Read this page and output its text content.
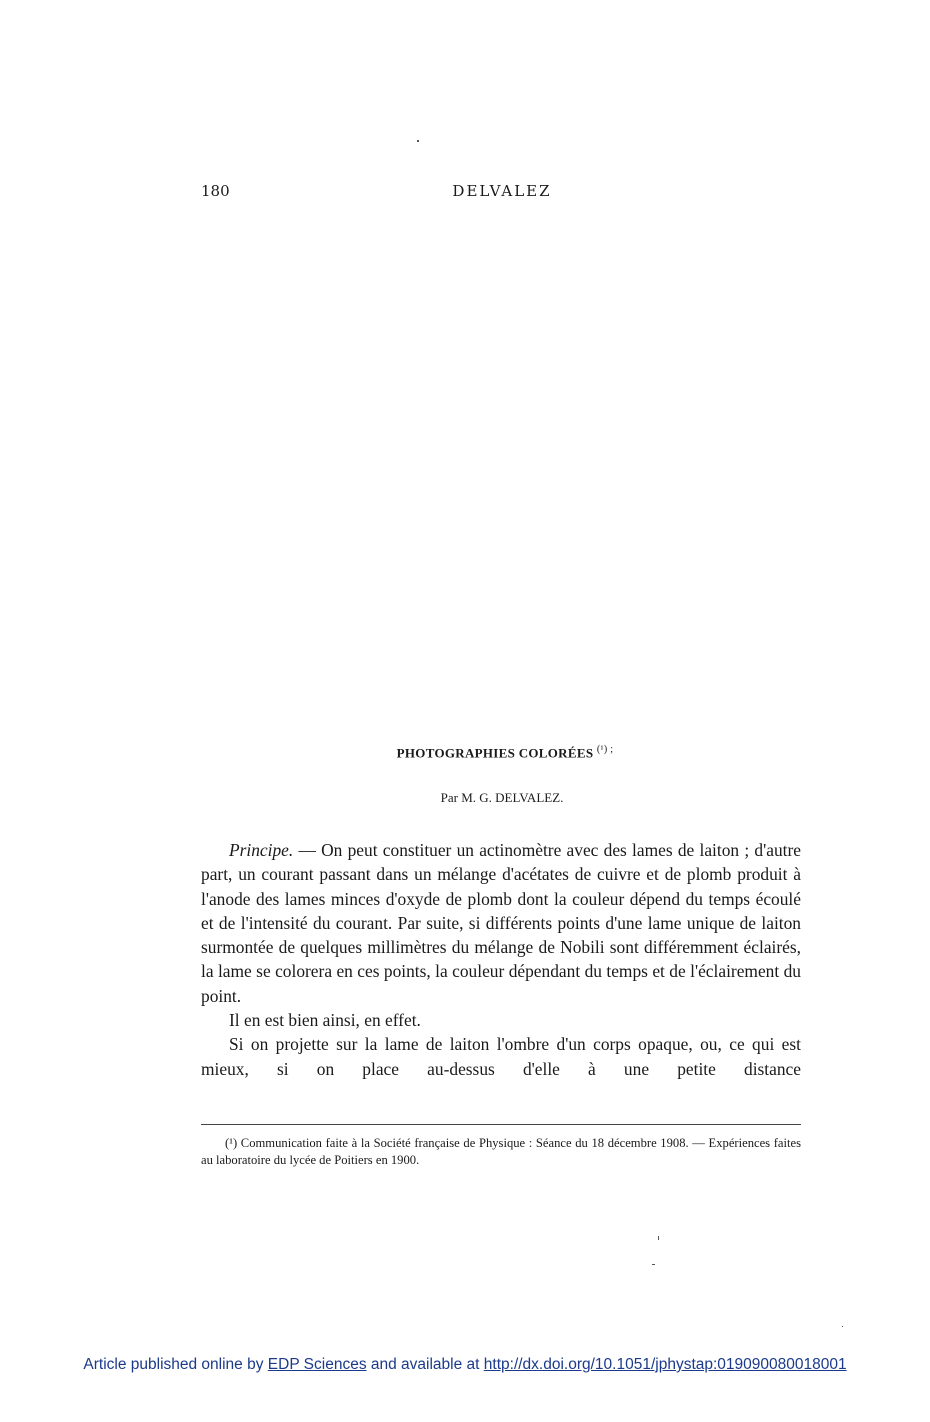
180	DELVALEZ
PHOTOGRAPHIES COLORÉES $^{(^1) ;}$
Par M. G. DELVALEZ.

Principe. — On peut constituer un actinomètre avec des lames de laiton ; d'autre part, un courant passant dans un mélange d'acétates de cuivre et de plomb produit à l'anode des lames minces d'oxyde de plomb dont la couleur dépend du temps écoulé et de l'intensité du courant. Par suite, si différents points d'une lame unique de laiton surmontée de quelques millimètres du mélange de Nobili sont différemment éclairés, la lame se colorera en ces points, la couleur dépendant du temps et de l'éclairement du point.

Il en est bien ainsi, en effet.

Si on projette sur la lame de laiton l'ombre d'un corps opaque, ou, ce qui est mieux, si on place au-dessus d'elle à une petite distance

(¹) Communication faite à la Société française de Physique : Séance du 18 décembre 1908. — Expériences faites au laboratoire du lycée de Poitiers en 1900.
Article published online by EDP Sciences and available at http://dx.doi.org/10.1051/jphystap:019090080018001
